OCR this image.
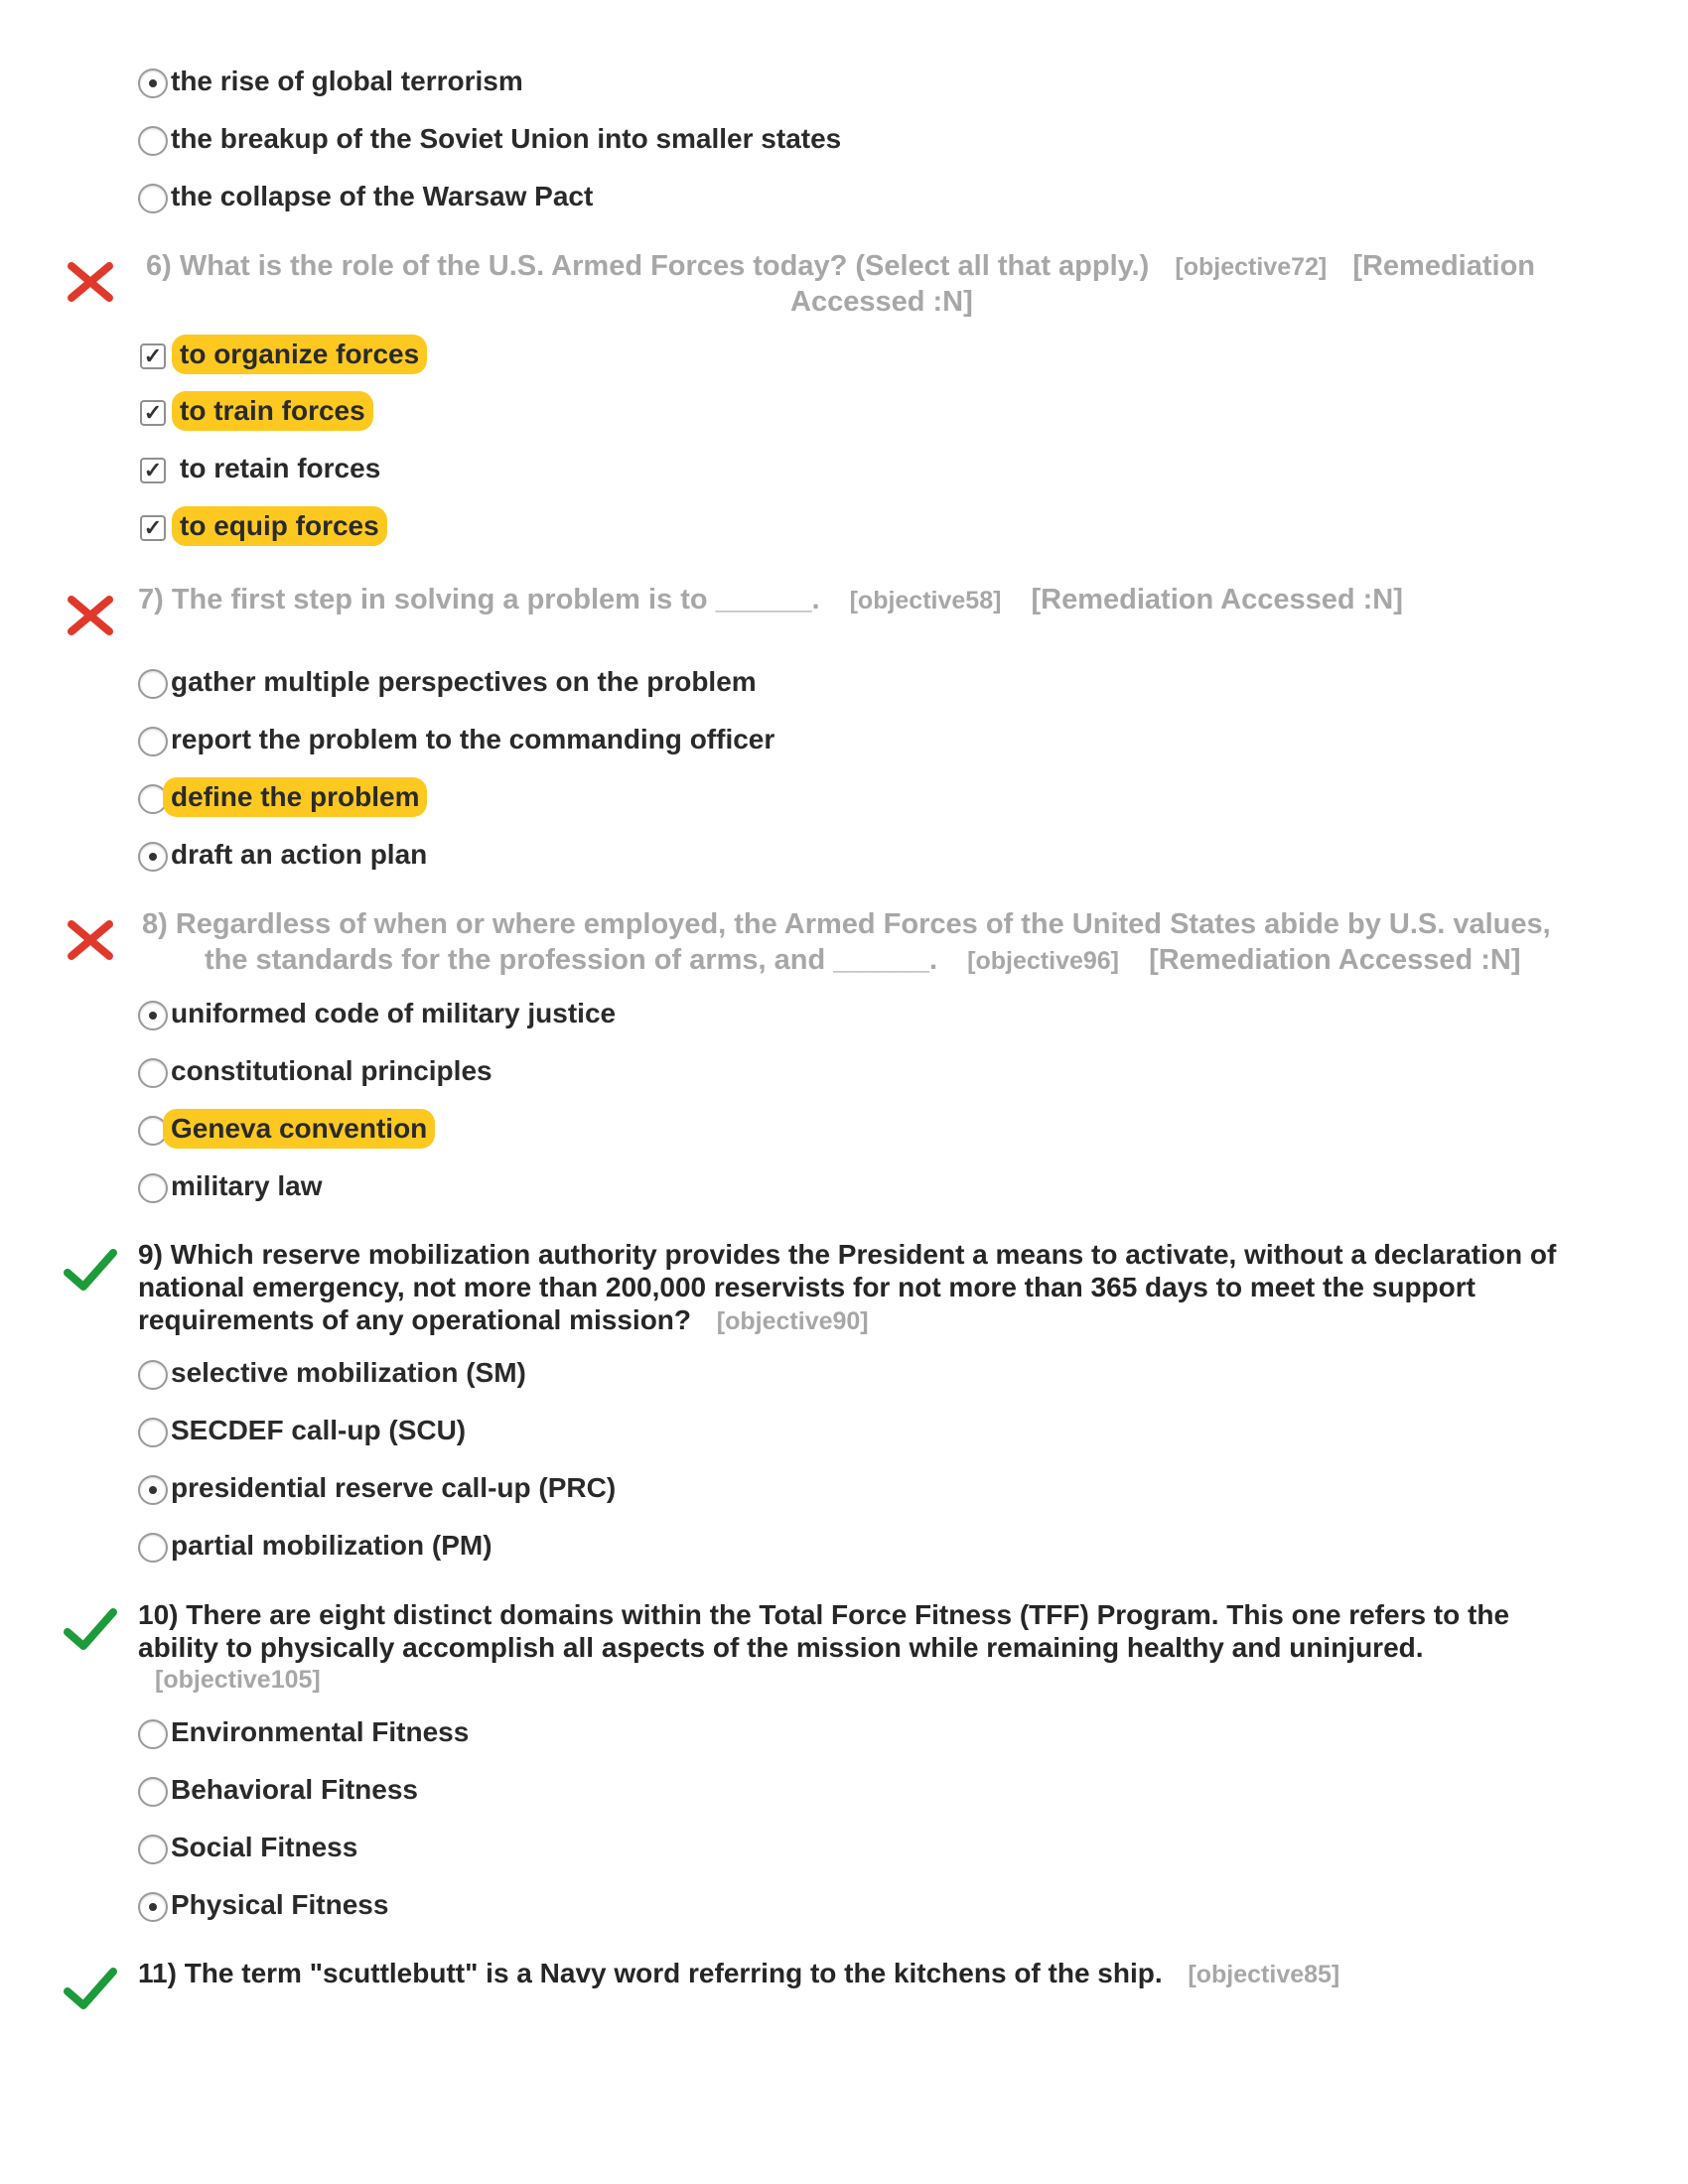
the rise of global terrorism
the breakup of the Soviet Union into smaller states
the collapse of the Warsaw Pact
6) What is the role of the U.S. Armed Forces today? (Select all that apply.) [objective72] [Remediation
Accessed :N]
✓ to organize forces
✓ to train forces
✓ to retain forces
✓ to equip forces
7) The first step in solving a problem is to ______. [objective58] [Remediation Accessed :N]
gather multiple perspectives on the problem
report the problem to the commanding officer
define the problem
draft an action plan
8) Regardless of when or where employed, the Armed Forces of the United States abide by U.S. values,
the standards for the profession of arms, and ______. [objective96] [Remediation Accessed :N]
uniformed code of military justice
constitutional principles
Geneva convention
military law
9) Which reserve mobilization authority provides the President a means to activate, without a declaration of
national emergency, not more than 200,000 reservists for not more than 365 days to meet the support
requirements of any operational mission? [objective90]
selective mobilization (SM)
SECDEF call-up (SCU)
presidential reserve call-up (PRC)
partial mobilization (PM)
10) There are eight distinct domains within the Total Force Fitness (TFF) Program. This one refers to the
ability to physically accomplish all aspects of the mission while remaining healthy and uninjured.
[objective105]
Environmental Fitness
Behavioral Fitness
Social Fitness
Physical Fitness
11) The term "scuttlebutt" is a Navy word referring to the kitchens of the ship. [objective85]
